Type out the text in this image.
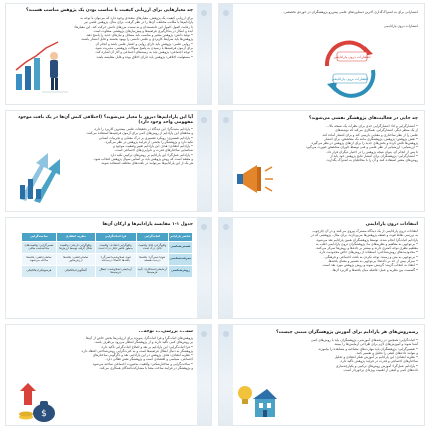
انتشاراتی برای به اشتراک‌گذاری آخرین دستاوردهای علمی پیش‌رو پژوهشگران در حوزه‌ی تخصصی.
انتشارات درون پارادایمی
انتشارات درون پارادایمی
انتشارات برون پارادایمی
چه معیارهایی برای ارزیابی کیفیت یا مناسب بودن یک پژوهش مناسب هستند؟
برای ارزیابی کیفیت یک پژوهش، معیارهای متعددی وجود دارد که می‌توان با توجه به
پارادایم‌ها یا مکاتب مختلف، آن‌ها را در نظر گرفت. برای مثال، پژوهش علمی نیز
با رعایت اصول اصول این دانشمندان و به سمت مرزهای دانش حرکت کند. این معیارها:
ایده و ابتکار در به‌کارگیری فرضیه‌ها و پیش‌نیازهای پژوهشی متفاوت است
• تولید دانش: پژوهش معتبر و مناسب باید مسائل و نیازهای جدید را پاسخ دهد،
پژوهش‌ها باید شرایط کاربردی و علمی دانشی را بهبود بخشند و قابل انتشار باشند.
• روایی علمی: پژوهش باید دارای روایی و اعتبار علمی باشد و انجام آن
برای آزمون فرضیه‌ها یا رسیدن به پاسخ سوالات پژوهشی، مدیریت شود.
• توجه اجتماعی: پژوهش باید به زمینه‌های اجتماعی و آثار آن اشاره کند.
• مسئولیت اخلاقی: پژوهش باید دارای اخلاق بوده و قابل مقایسه باشد.
چه جایی در فعالیت‌های پژوهشگر نقشی می‌شوند؟
• انتشارگرایی و ادا: انتشارگرایی جدی برای نظرات یک نسخه بالا...
از یک منظر دیگر، انتشارگرایی، همکاری می‌کند که نوشته‌های
علمی را از نظر ساختاری و معنایی بازبینی کند و برای انتشار آماده کند.
• نقش پژوهش: پژوهش، پژوهشگری مانند یک متخصص، برای انتشار
پژوهش‌ها تلاش کرده و بخش‌های جدید را برای ارتقای پژوهش در نظر می‌گیرد.
• ارزشیابی: ارزشیابی از نظر علمی و فنی توسط داوران متخصص صورت می‌گیرد
تا پس از انجام آن، بتوان نتیجه پژوهش را در اختیار دیگران قرار داد.
• انتشارگرایی: پژوهشگران برای انتشار نتایج پژوهش خود باید از
روش‌های معتبر استفاده کنند و آن را با مخاطبان به اشتراک بگذارند.
آیا این پارادایم‌ها دیروز با معیار می‌شوند؟ (اختلافی کنش آن‌ها در یک بافت موجود مفهومی واحد وجود دارد)
• پارادایم مثبت‌گرا: این دیدگاه در تحقیقات علمی بیشترین کاربرد را دارد،
و محققان این پارادایم از روش‌های کمی برای آزمون فرضیه‌ها استفاده می‌کنند.
• پارادایم تفسیری: رویکرد تفسیری بر درک معنایی و تجربیات انسانی
تکیه دارد و پژوهشگر را بخشی از فرایند پژوهش در نظر می‌گیرد.
• پارادایم انتقادی: هدف این پارادایم تغییر وضعیت موجود و
شناسایی ساختارهای قدرت و نابرابری‌های اجتماعی است.
• پارادایم عمل‌گرا: این پارادایم بر روش‌های ترکیبی تکیه دارد
و معتقد است که روش پژوهش باید بر اساس سوال پژوهش انتخاب شود.
هر یک از این پارادایم‌ها می‌توانند در بافت‌های مختلف استفاده شوند.
انتقادات درون پارادایمی
انتقادات درون پارادایمی از یک دیدگاه مشترک پیروی می‌کنند و در آن چارچوب
به بررسی نقاط قوت و ضعف پژوهش‌ها می‌پردازند. برای مثال، پژوهشی که در
پارادایم اثبات‌گرا انجام شده، توسط پژوهشگران همین پارادایم نقد می‌شود.
• بی‌توجهی به مفاهیم و نظریه‌های ما: پژوهشگران درون پارادایمی اغلب به
مفاهیم نظری توجه کمتری دارند و بیشتر بر داده‌ها و روش‌ها تمرکز می‌کنند.
• محدودیت‌های روش‌شناختی: استفاده از روش‌های خاص محدودیت دارد.
• بی‌توجهی به متن و زمینه: توجه نکردن به بافت اجتماعی و فرهنگی.
• تمرکز بیش از حد بر داده‌ها: بی‌توجهی به تفسیر و معنای یافته‌ها.
• انتقاد به انتخاب گزینه: گزینش نمونه و روش پژوهش مورد نقد است.
• گسست بین نظریه و عمل: فاصله میان یافته‌ها و کاربرد آن‌ها.
جدول ۱-۱ مقایسه پارادایم‌ها و ارکان آن‌ها
عناصر پارادایم	اثبات‌گرایی	فرا اثبات‌گرایی	نظریه انتقادی	ساخت‌گرایی
هستی‌شناسی	واقع‌گرایی خام: واقعیت قابل درک است	واقع‌گرایی انتقادی: واقعیت به‌طور ناقص قابل درک است	واقع‌گرایی تاریخی: واقعیت شکل گرفته توسط ارزش‌ها	نسبی‌گرایی: واقعیت‌های ساخته‌شده محلی
معرفت‌شناسی	ثنوی/عینی‌گرا: یافته‌ها درست هستند	ثنوی اصلاح‌شده/عینی‌گرا: یافته‌ها احتمالاً درست‌اند	تعاملی/ذهنی: یافته‌ها ارزش‌محور	تعاملی/ذهنی: یافته‌ها ساخته می‌شوند
روش‌شناسی	آزمایشی/دستکاری: تأیید فرضیه‌ها	آزمایشی اصلاح‌شده: ابطال فرضیه‌ها	گفتگویی/دیالکتیکی	هرمنوتیکی/دیالکتیکی
رضه‌روش‌های هر پارادایم برای آموزش پژوهشگران مبتنی چیست؟
• اثبات‌گرایی: همچنین در رضه‌های آموزشی، پژوهشگران باید با روش‌های کمی
آشنا شوند و آموزش‌های لازم برای طراحی آزمایش‌ها را ببینند.
• تفسیرگرایی: پژوهشگران باید مهارت‌های مصاحبه و مشاهده را بیاموزند
و بتوانند داده‌های کیفی را تحلیل و تفسیر کنند.
• نظریه انتقادی: این پارادایم بر آموزش تفکر انتقادی و تحلیل
ساختارهای اجتماعی و قدرت در فرایند پژوهش تأکید دارد.
• پارادایم عمل‌گرا: آموزش روش‌های ترکیبی و یکپارچه‌سازی
داده‌های کمی و کیفی از اهمیت ویژه‌ای برخوردار است.
سه...، بررسی...، توجه...
پژوهش‌های اثبات‌گرا و فرا اثبات‌گرا، به‌ویژه برای ارزیابی‌ها بخش خاص از آن‌ها
بر روش‌های کمی تأکید دارند و از پژوهشگر انتظار می‌رود بی‌طرف باشد.
• فرا اثبات‌گرایی: این پارادایم بر نقد و اصلاح اثبات‌گرایی تأکید دارد،
پژوهشگر به دنبال ابطال فرضیه‌ها است و به کثرت‌گرایی روش‌شناختی اعتقاد دارد.
• نظریه انتقادی: هدف پژوهش در این پارادایم، نقد و دگرگونی ساختارهای
اجتماعی، سیاسی و اقتصادی است و پژوهشگر نقش فعالی دارد.
• ساخت‌گرایی و ساختارشکنی: واقعیت به‌صورت اجتماعی ساخته می‌شود
و پژوهشگر در فرایند ساخت معنا با مشارکت‌کنندگان همکاری می‌کند.
$
